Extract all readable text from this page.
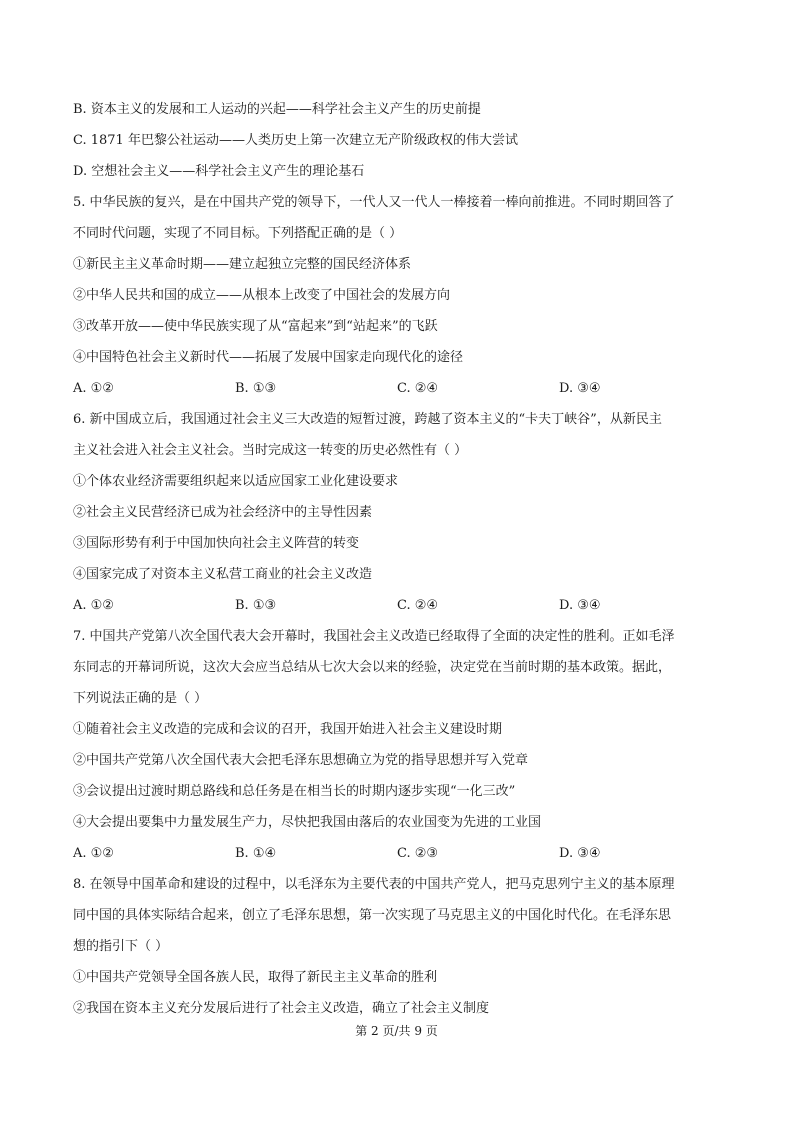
B. 资本主义的发展和工人运动的兴起——科学社会主义产生的历史前提
C. 1871 年巴黎公社运动——人类历史上第一次建立无产阶级政权的伟大尝试
D. 空想社会主义——科学社会主义产生的理论基石
5. 中华民族的复兴，是在中国共产党的领导下，一代人又一代人一棒接着一棒向前推进。不同时期回答了
不同时代问题，实现了不同目标。下列搭配正确的是（ ）
①新民主主义革命时期——建立起独立完整的国民经济体系
②中华人民共和国的成立——从根本上改变了中国社会的发展方向
③改革开放——使中华民族实现了从“富起来”到“站起来”的飞跃
④中国特色社会主义新时代——拓展了发展中国家走向现代化的途径
A. ①②	B. ①③	C. ②④	D. ③④
6. 新中国成立后，我国通过社会主义三大改造的短暂过渡，跨越了资本主义的“卡夫丁峡谷”，从新民主
主义社会进入社会主义社会。当时完成这一转变的历史必然性有（ ）
①个体农业经济需要组织起来以适应国家工业化建设要求
②社会主义民营经济已成为社会经济中的主导性因素
③国际形势有利于中国加快向社会主义阵营的转变
④国家完成了对资本主义私营工商业的社会主义改造
A. ①②	B. ①③	C. ②④	D. ③④
7. 中国共产党第八次全国代表大会开幕时，我国社会主义改造已经取得了全面的决定性的胜利。正如毛泽
东同志的开幕词所说，这次大会应当总结从七次大会以来的经验，决定党在当前时期的基本政策。据此，
下列说法正确的是（ ）
①随着社会主义改造的完成和会议的召开，我国开始进入社会主义建设时期
②中国共产党第八次全国代表大会把毛泽东思想确立为党的指导思想并写入党章
③会议提出过渡时期总路线和总任务是在相当长的时期内逐步实现“一化三改”
④大会提出要集中力量发展生产力，尽快把我国由落后的农业国变为先进的工业国
A. ①②	B. ①④	C. ②③	D. ③④
8. 在领导中国革命和建设的过程中，以毛泽东为主要代表的中国共产党人，把马克思列宁主义的基本原理
同中国的具体实际结合起来，创立了毛泽东思想，第一次实现了马克思主义的中国化时代化。在毛泽东思
想的指引下（ ）
①中国共产党领导全国各族人民，取得了新民主主义革命的胜利
②我国在资本主义充分发展后进行了社会主义改造，确立了社会主义制度
第 2 页/共 9 页
